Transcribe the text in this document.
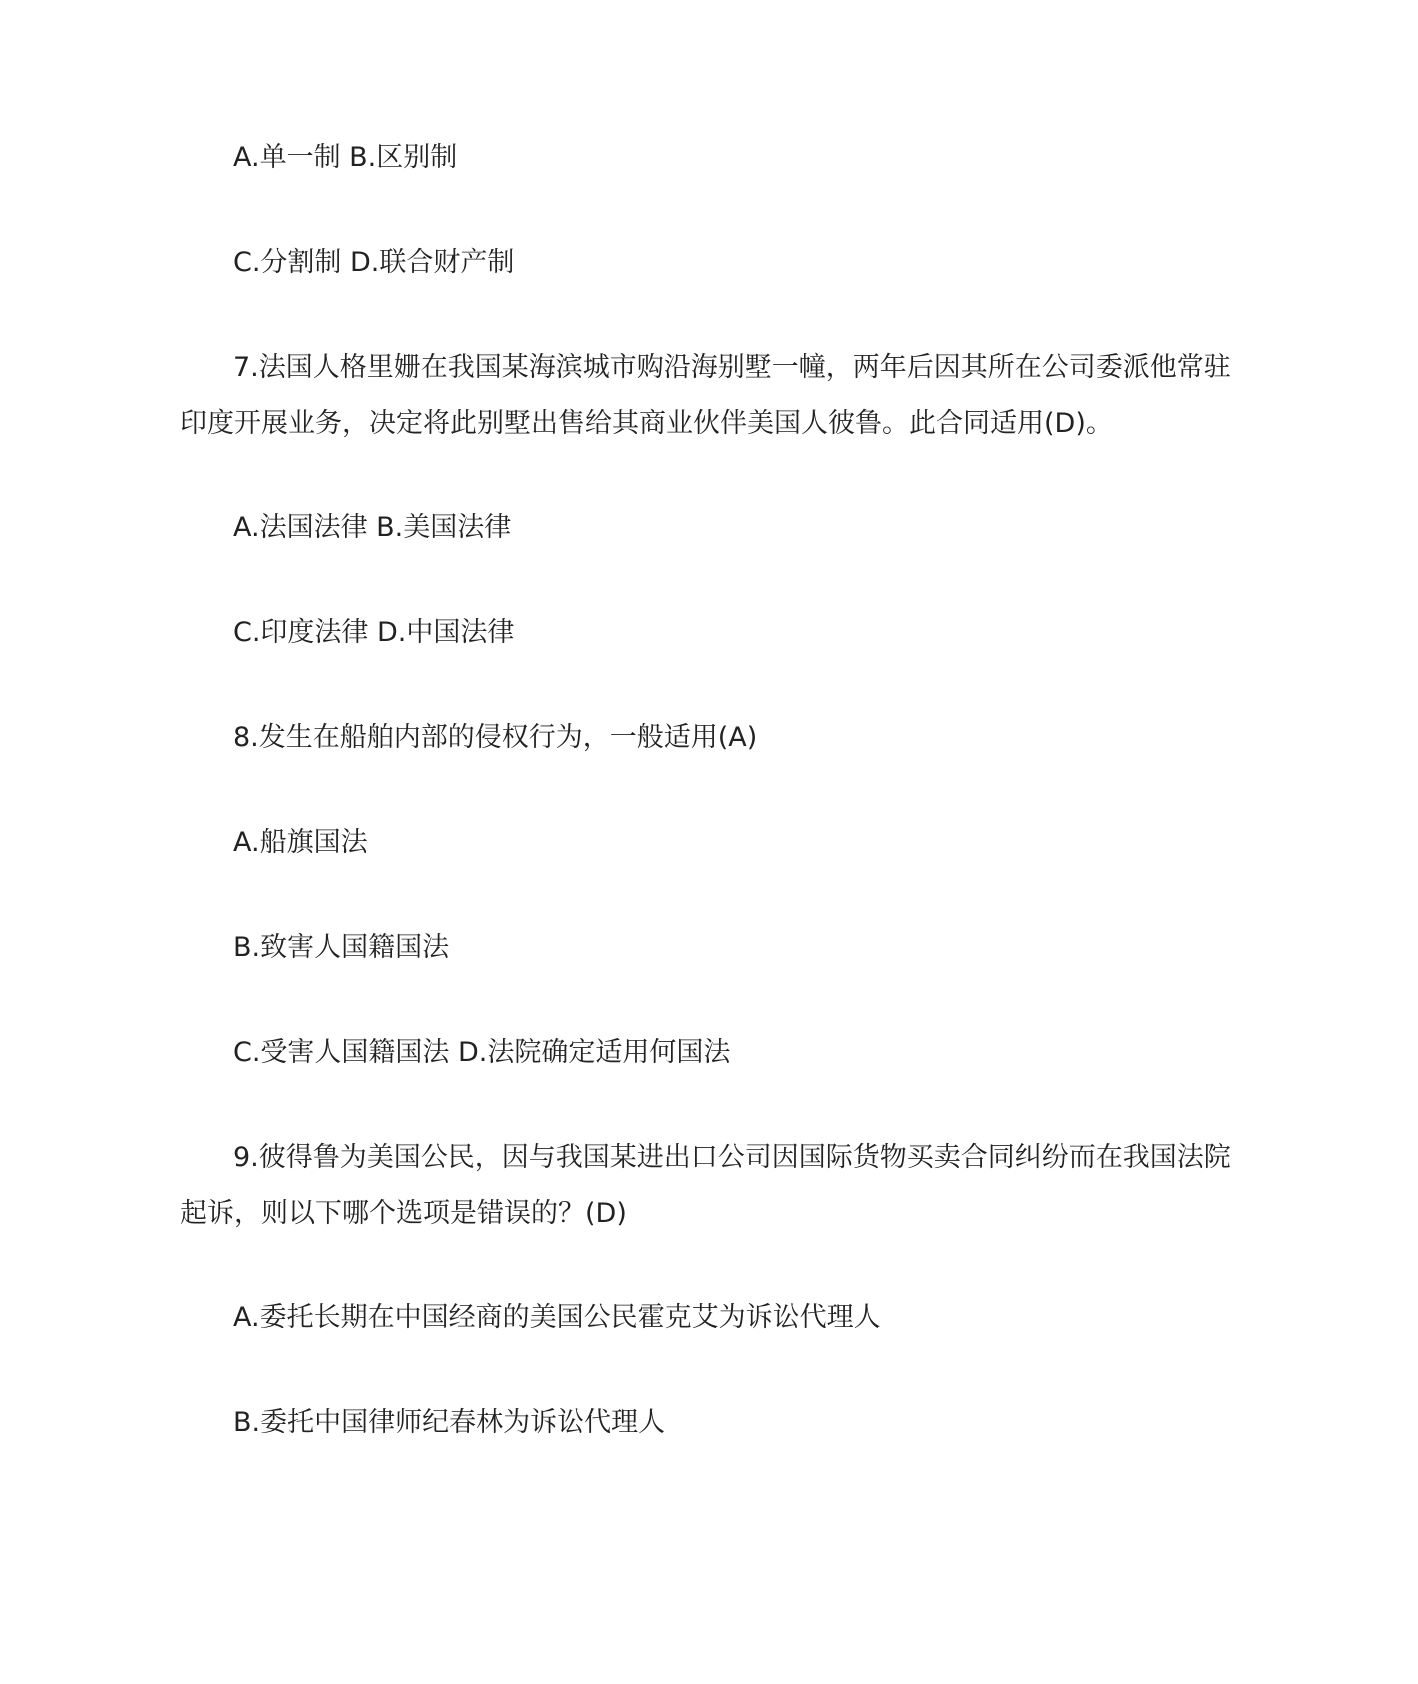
A.单一制 B.区别制
C.分割制 D.联合财产制
7.法国人格里姗在我国某海滨城市购沿海别墅一幢，两年后因其所在公司委派他常驻
印度开展业务，决定将此别墅出售给其商业伙伴美国人彼鲁。此合同适用(D)。
A.法国法律 B.美国法律
C.印度法律 D.中国法律
8.发生在船舶内部的侵权行为，一般适用(A)
A.船旗国法
B.致害人国籍国法
C.受害人国籍国法 D.法院确定适用何国法
9.彼得鲁为美国公民，因与我国某进出口公司因国际货物买卖合同纠纷而在我国法院
起诉，则以下哪个选项是错误的？(D)
A.委托长期在中国经商的美国公民霍克艾为诉讼代理人
B.委托中国律师纪春林为诉讼代理人
